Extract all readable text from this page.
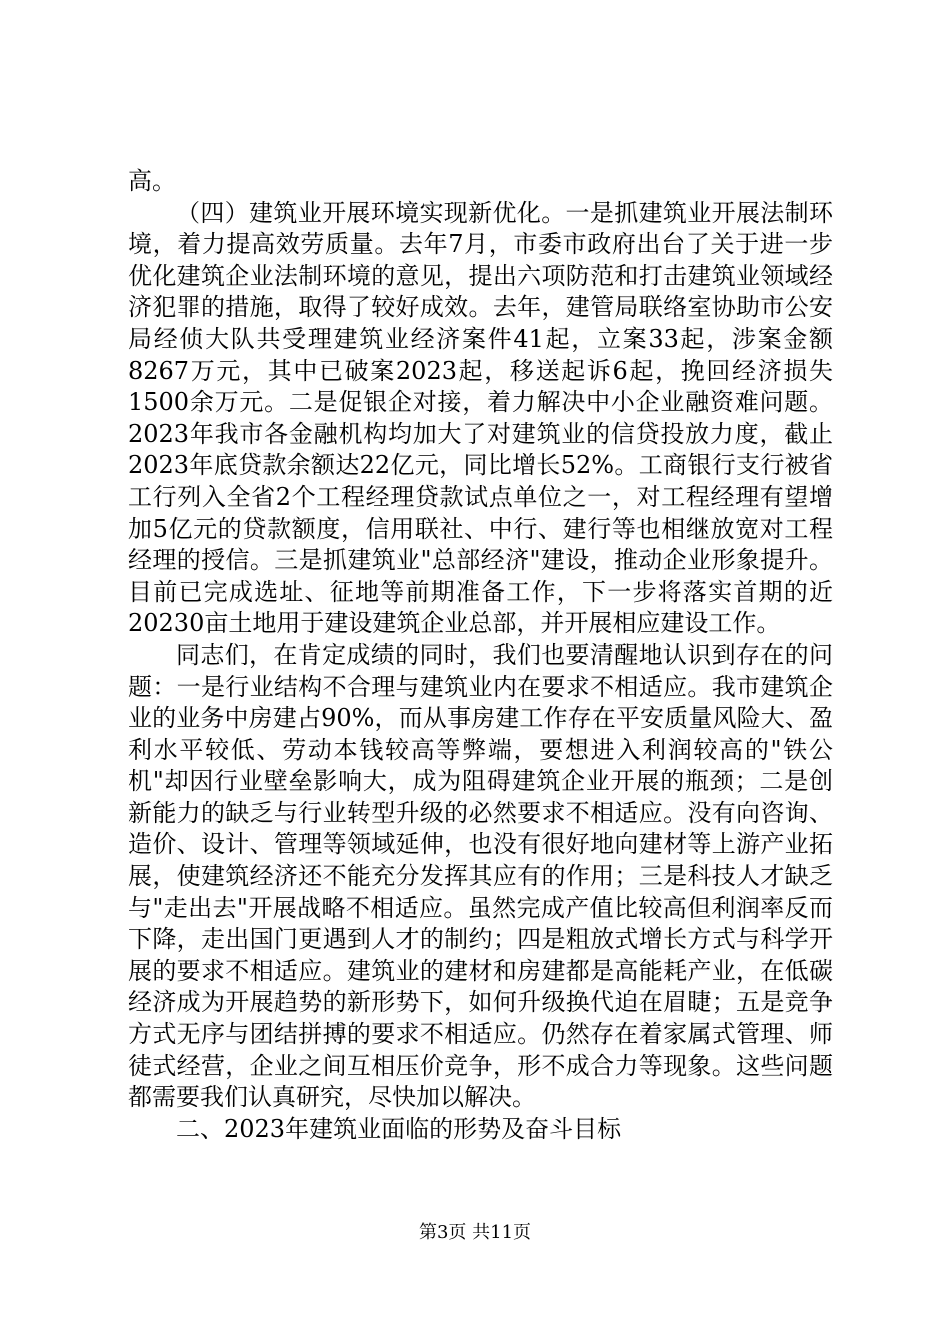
高。

（四）建筑业开展环境实现新优化。一是抓建筑业开展法制环境，着力提高效劳质量。去年7月，市委市政府出台了关于进一步优化建筑企业法制环境的意见，提出六项防范和打击建筑业领域经济犯罪的措施，取得了较好成效。去年，建管局联络室协助市公安局经侦大队共受理建筑业经济案件41起，立案33起，涉案金额8267万元，其中已破案2023起，移送起诉6起，挽回经济损失1500余万元。二是促银企对接，着力解决中小企业融资难问题。2023年我市各金融机构均加大了对建筑业的信贷投放力度，截止2023年底贷款余额达22亿元，同比增长52%。工商银行支行被省工行列入全省2个工程经理贷款试点单位之一，对工程经理有望增加5亿元的贷款额度，信用联社、中行、建行等也相继放宽对工程经理的授信。三是抓建筑业"总部经济"建设，推动企业形象提升。目前已完成选址、征地等前期准备工作，下一步将落实首期的近20230亩土地用于建设建筑企业总部，并开展相应建设工作。

同志们，在肯定成绩的同时，我们也要清醒地认识到存在的问题：一是行业结构不合理与建筑业内在要求不相适应。我市建筑企业的业务中房建占90%，而从事房建工作存在平安质量风险大、盈利水平较低、劳动本钱较高等弊端，要想进入利润较高的"铁公机"却因行业壁垒影响大，成为阻碍建筑企业开展的瓶颈；二是创新能力的缺乏与行业转型升级的必然要求不相适应。没有向咨询、造价、设计、管理等领域延伸，也没有很好地向建材等上游产业拓展，使建筑经济还不能充分发挥其应有的作用；三是科技人才缺乏与"走出去"开展战略不相适应。虽然完成产值比较高但利润率反而下降，走出国门更遇到人才的制约；四是粗放式增长方式与科学开展的要求不相适应。建筑业的建材和房建都是高能耗产业，在低碳经济成为开展趋势的新形势下，如何升级换代迫在眉睫；五是竞争方式无序与团结拼搏的要求不相适应。仍然存在着家属式管理、师徒式经营，企业之间互相压价竞争，形不成合力等现象。这些问题都需要我们认真研究，尽快加以解决。

二、2023年建筑业面临的形势及奋斗目标

第3页 共11页
